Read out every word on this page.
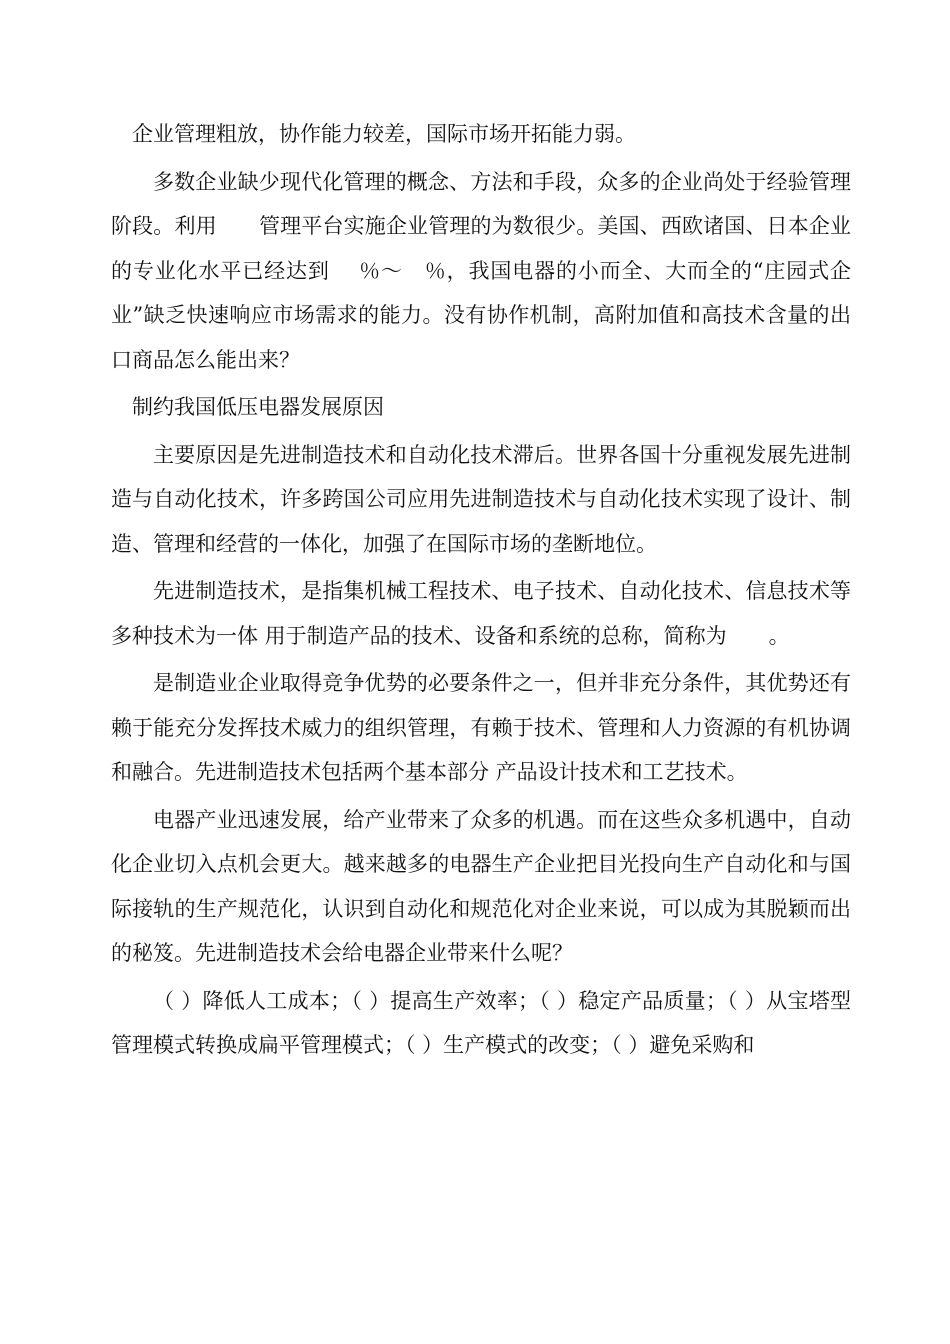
企业管理粗放，协作能力较差，国际市场开拓能力弱。

多数企业缺少现代化管理的概念、方法和手段，众多的企业尚处于经验管理阶段。利用　　管理平台实施企业管理的为数很少。美国、西欧诸国、日本企业的专业化水平已经达到　 ％～　％，我国电器的小而全、大而全的“庄园式企业”缺乏快速响应市场需求的能力。没有协作机制，高附加值和高技术含量的出口商品怎么能出来？

制约我国低压电器发展原因

主要原因是先进制造技术和自动化技术滞后。世界各国十分重视发展先进制造与自动化技术，许多跨国公司应用先进制造技术与自动化技术实现了设计、制造、管理和经营的一体化，加强了在国际市场的垄断地位。

先进制造技术，是指集机械工程技术、电子技术、自动化技术、信息技术等多种技术为一体 用于制造产品的技术、设备和系统的总称，简称为　　。

是制造业企业取得竞争优势的必要条件之一，但并非充分条件，其优势还有赖于能充分发挥技术威力的组织管理，有赖于技术、管理和人力资源的有机协调和融合。先进制造技术包括两个基本部分 产品设计技术和工艺技术。

电器产业迅速发展，给产业带来了众多的机遇。而在这些众多机遇中，自动化企业切入点机会更大。越来越多的电器生产企业把目光投向生产自动化和与国际接轨的生产规范化，认识到自动化和规范化对企业来说，可以成为其脱颖而出的秘笈。先进制造技术会给电器企业带来什么呢？

（ ）降低人工成本；（ ）提高生产效率；（ ）稳定产品质量；（ ）从宝塔型管理模式转换成扁平管理模式；（ ）生产模式的改变；（ ）避免采购和
